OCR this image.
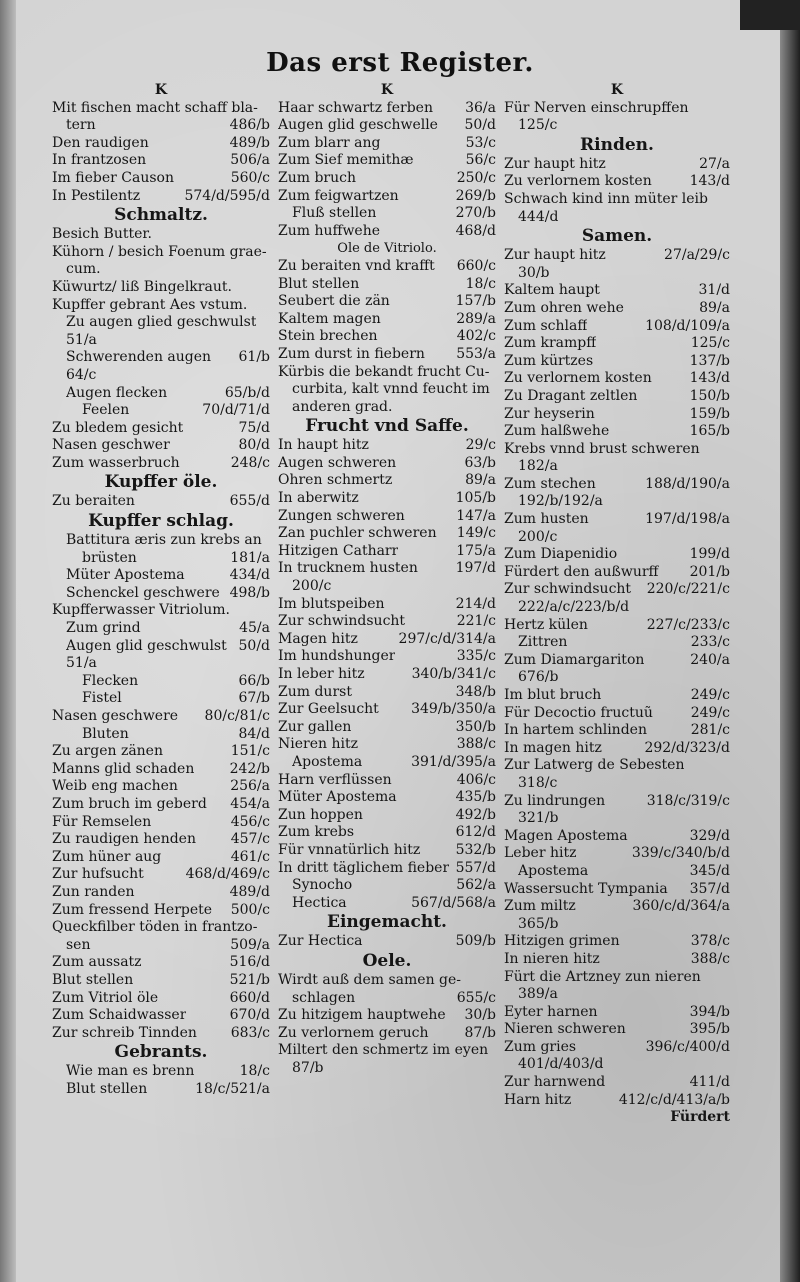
Das erst Register.
K
Mit fischen macht schaff bla-
tern	486/b
Den raudigen	489/b
In frantzosen	506/a
Im fieber Causon	560/c
In Pestilentz	574/d/595/d
Schmaltz.
Besich Butter.
Kühorn / besich Foenum grae-
cum.
Küwurtz/ liß Bingelkraut.
Kupffer gebrant Aes vstum.
Zu augen glied geschwulst
51/a
Schwerenden augen 61/b
64/c
Augen flecken	65/b/d
Feelen	70/d/71/d
Zu bledem gesicht	75/d
Nasen geschwer	80/d
Zum wasserbruch	248/c
Kupffer öle.
Zu beraiten	655/d
Kupffer schlag.
Battitura æris zun krebs an
brüsten	181/a
Müter Apostema	434/d
Schenckel geschwere 498/b
Kupfferwasser Vitriolum.
Zum grind	45/a
Augen glid geschwulst 50/d
51/a
Flecken	66/b
Fistel	67/b
Nasen geschwere 80/c/81/c
Bluten	84/d
Zu argen zänen	151/c
Manns glid schaden	242/b
Weib eng machen	256/a
Zum bruch im geberd 454/a
Für Remselen	456/c
Zu raudigen henden 457/c
Zum hüner aug	461/c
Zur hufsucht	468/d/469/c
Zun randen	489/d
Zum fressend Herpete 500/c
Queckfilber töden in frantzo-
sen	509/a
Zum aussatz	516/d
Blut stellen	521/b
Zum Vitriol öle	660/d
Zum Schaidwasser	670/d
Zur schreib Tinnden 683/c
Gebrants.
Wie man es brenn	18/c
Blut stellen	18/c/521/a
K
Haar schwartz ferben 36/a
Augen glid geschwelle 50/d
Zum blarr ang	53/c
Zum Sief memithæ	56/c
Zum bruch	250/c
Zum feigwartzen	269/b
Fluß stellen	270/b
Zum huffwehe	468/d
Ole de Vitriolo.
Zu beraiten vnd krafft 660/c
Blut stellen	18/c
Seubert die zän	157/b
Kaltem magen	289/a
Stein brechen	402/c
Zum durst in fiebern 553/a
Kürbis die bekandt frucht Cu-
curbita, kalt vnnd feucht im
anderen grad.
Frucht vnd Saffe.
In haupt hitz	29/c
Augen schweren	63/b
Ohren schmertz	89/a
In aberwitz	105/b
Zungen schweren	147/a
Zan puchler schweren 149/c
Hitzigen Catharr	175/a
In trucknem husten	197/d
200/c
Im blutspeiben	214/d
Zur schwindsucht	221/c
Magen hitz	297/c/d/314/a
Im hundshunger	335/c
In leber hitz	340/b/341/c
Zum durst	348/b
Zur Geelsucht 349/b/350/a
Zur gallen	350/b
Nieren hitz	388/c
Apostema	391/d/395/a
Harn verflüssen	406/c
Müter Apostema	435/b
Zun hoppen	492/b
Zum krebs	612/d
Für vnnatürlich hitz	532/b
In dritt täglichem fieber 557/d
Synocho	562/a
Hectica	567/d/568/a
Eingemacht.
Zur Hectica	509/b
Oele.
Wirdt auß dem samen ge-
schlagen	655/c
Zu hitzigem hauptwehe 30/b
Zu verlornem geruch	87/b
Miltert den schmertz im eyen
87/b
K
Für Nerven einschrupffen
125/c
Rinden.
Zur haupt hitz	27/a
Zu verlornem kosten	143/d
Schwach kind inn müter leib
444/d
Samen.
Zur haupt hitz	27/a/29/c
30/b
Kaltem haupt	31/d
Zum ohren wehe	89/a
Zum schlaff	108/d/109/a
Zum krampff	125/c
Zum kürtzes	137/b
Zu verlornem kosten	143/d
Zu Dragant zeltlen	150/b
Zur heyserin	159/b
Zum halßwehe	165/b
Krebs vnnd brust schweren
182/a
Zum stechen	188/d/190/a
192/b/192/a
Zum husten	197/d/198/a
200/c
Zum Diapenidio	199/d
Fürdert den außwurff 201/b
Zur schwindsucht 220/c/221/c
222/a/c/223/b/d
Hertz külen	227/c/233/c
Zittren	233/c
Zum Diamargariton	240/a
676/b
Im blut bruch	249/c
Für Decoctio fructuũ	249/c
In hartem schlinden	281/c
In magen hitz	292/d/323/d
Zur Latwerg de Sebesten
318/c
Zu lindrungen	318/c/319/c
321/b
Magen Apostema	329/d
Leber hitz	339/c/340/b/d
Apostema	345/d
Wassersucht Tympania 357/d
Zum miltz	360/c/d/364/a
365/b
Hitzigen grimen	378/c
In nieren hitz	388/c
Fürt die Artzney zun nieren
389/a
Eyter harnen	394/b
Nieren schweren	395/b
Zum gries	396/c/400/d
401/d/403/d
Zur harnwend	411/d
Harn hitz	412/c/d/413/a/b
Fürdert
